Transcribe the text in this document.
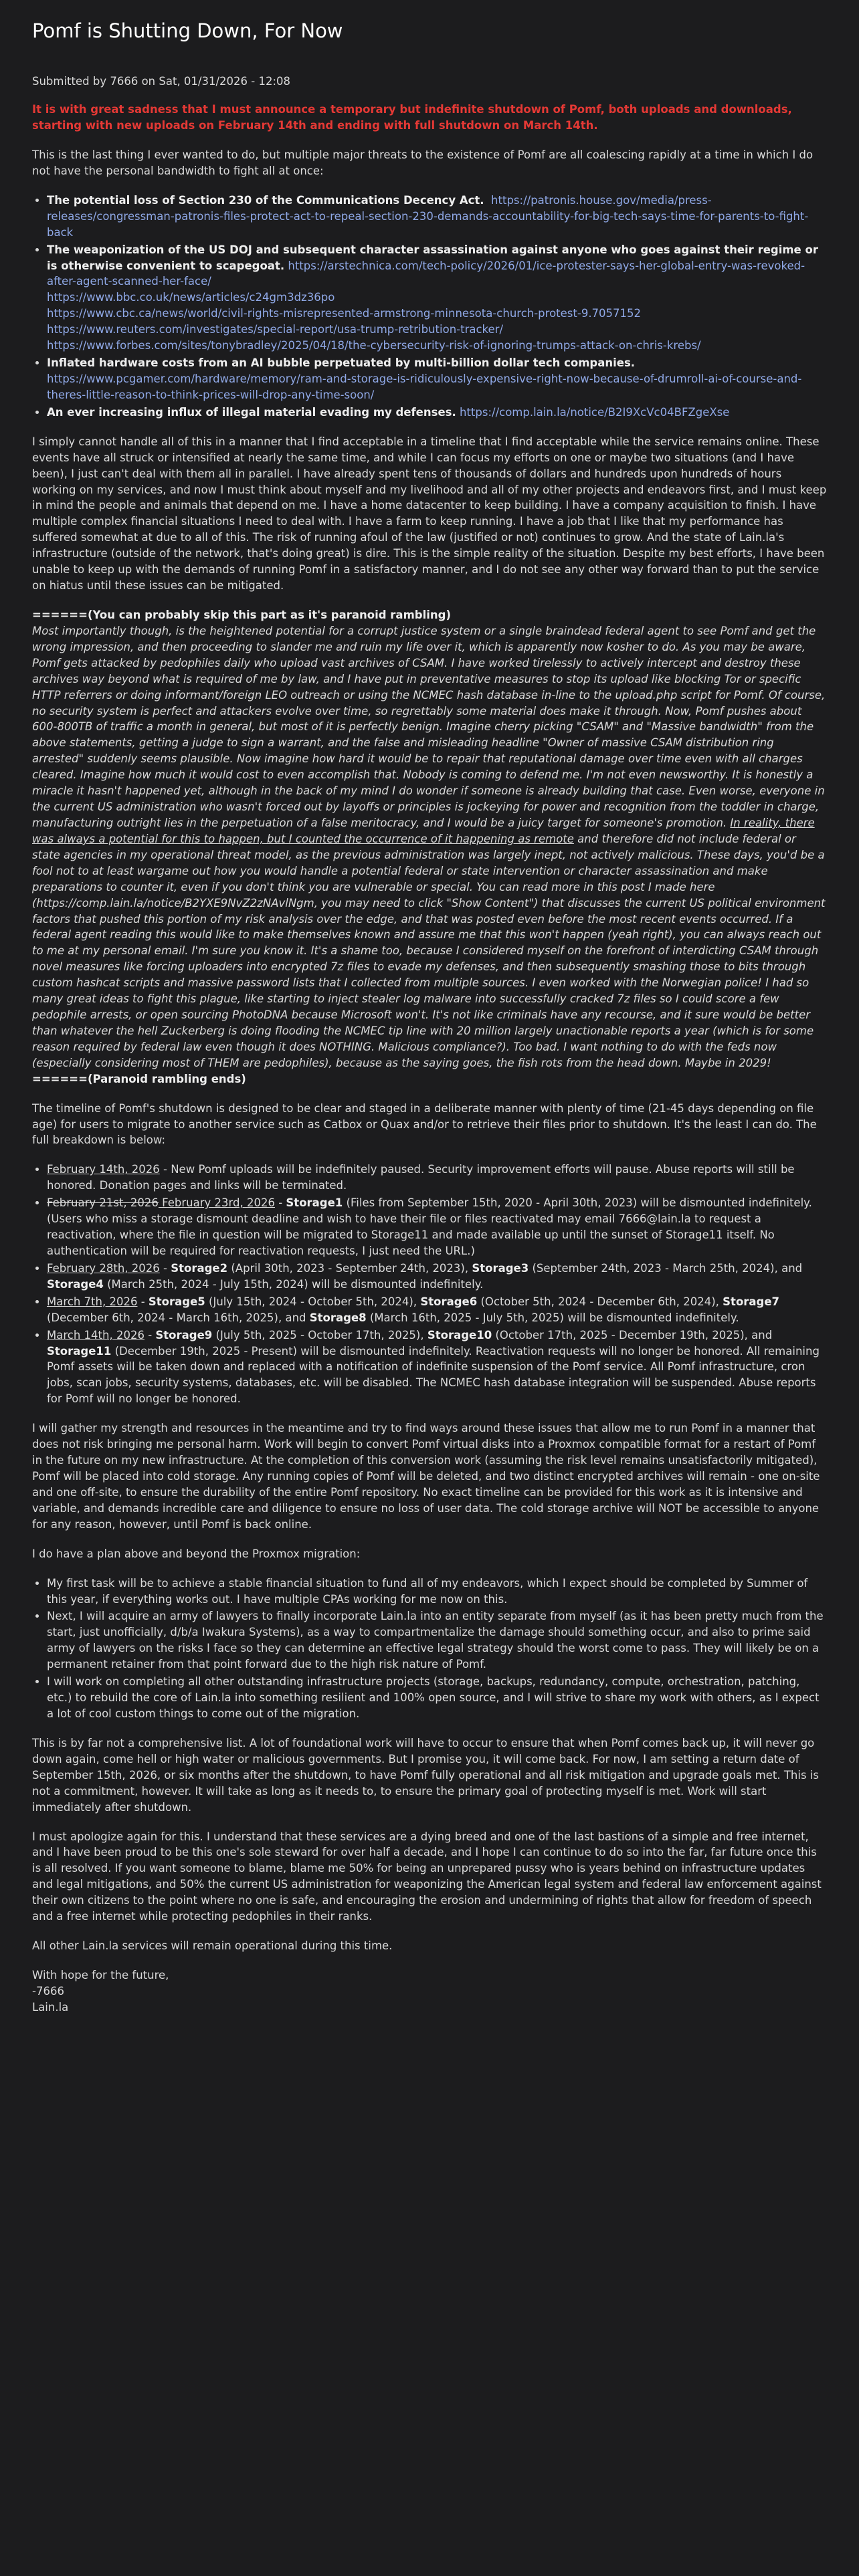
Pomf is Shutting Down, For Now

Submitted by 7666 on Sat, 01/31/2026 - 12:08

It is with great sadness that I must announce a temporary but indefinite shutdown of Pomf, both uploads and downloads, starting with new uploads on February 14th and ending with full shutdown on March 14th.

This is the last thing I ever wanted to do, but multiple major threats to the existence of Pomf are all coalescing rapidly at a time in which I do not have the personal bandwidth to fight all at once:

• The potential loss of Section 230 of the Communications Decency Act. https://patronis.house.gov/media/press-releases/congressman-patronis-files-protect-act-to-repeal-section-230-demands-accountability-for-big-tech-says-time-for-parents-to-fight-back
• The weaponization of the US DOJ and subsequent character assassination against anyone who goes against their regime or is otherwise convenient to scapegoat. https://arstechnica.com/tech-policy/2026/01/ice-protester-says-her-global-entry-was-revoked-after-agent-scanned-her-face/
https://www.bbc.co.uk/news/articles/c24gm3dz36po
https://www.cbc.ca/news/world/civil-rights-misrepresented-armstrong-minnesota-church-protest-9.7057152
https://www.reuters.com/investigates/special-report/usa-trump-retribution-tracker/
https://www.forbes.com/sites/tonybradley/2025/04/18/the-cybersecurity-risk-of-ignoring-trumps-attack-on-chris-krebs/
• Inflated hardware costs from an AI bubble perpetuated by multi-billion dollar tech companies.
https://www.pcgamer.com/hardware/memory/ram-and-storage-is-ridiculously-expensive-right-now-because-of-drumroll-ai-of-course-and-theres-little-reason-to-think-prices-will-drop-any-time-soon/
• An ever increasing influx of illegal material evading my defenses. https://comp.lain.la/notice/B2I9XcVc04BFZgeXse

I simply cannot handle all of this in a manner that I find acceptable in a timeline that I find acceptable while the service remains online. These events have all struck or intensified at nearly the same time, and while I can focus my efforts on one or maybe two situations (and I have been), I just can't deal with them all in parallel. I have already spent tens of thousands of dollars and hundreds upon hundreds of hours working on my services, and now I must think about myself and my livelihood and all of my other projects and endeavors first, and I must keep in mind the people and animals that depend on me. I have a home datacenter to keep building. I have a company acquisition to finish. I have multiple complex financial situations I need to deal with. I have a farm to keep running. I have a job that I like that my performance has suffered somewhat at due to all of this. The risk of running afoul of the law (justified or not) continues to grow. And the state of Lain.la's infrastructure (outside of the network, that's doing great) is dire. This is the simple reality of the situation. Despite my best efforts, I have been unable to keep up with the demands of running Pomf in a satisfactory manner, and I do not see any other way forward than to put the service on hiatus until these issues can be mitigated.

======(You can probably skip this part as it's paranoid rambling)
Most importantly though, is the heightened potential for a corrupt justice system or a single braindead federal agent to see Pomf and get the wrong impression, and then proceeding to slander me and ruin my life over it, which is apparently now kosher to do. As you may be aware, Pomf gets attacked by pedophiles daily who upload vast archives of CSAM. I have worked tirelessly to actively intercept and destroy these archives way beyond what is required of me by law, and I have put in preventative measures to stop its upload like blocking Tor or specific HTTP referrers or doing informant/foreign LEO outreach or using the NCMEC hash database in-line to the upload.php script for Pomf. Of course, no security system is perfect and attackers evolve over time, so regrettably some material does make it through. Now, Pomf pushes about 600-800TB of traffic a month in general, but most of it is perfectly benign. Imagine cherry picking "CSAM" and "Massive bandwidth" from the above statements, getting a judge to sign a warrant, and the false and misleading headline "Owner of massive CSAM distribution ring arrested" suddenly seems plausible. Now imagine how hard it would be to repair that reputational damage over time even with all charges cleared. Imagine how much it would cost to even accomplish that. Nobody is coming to defend me. I'm not even newsworthy. It is honestly a miracle it hasn't happened yet, although in the back of my mind I do wonder if someone is already building that case. Even worse, everyone in the current US administration who wasn't forced out by layoffs or principles is jockeying for power and recognition from the toddler in charge, manufacturing outright lies in the perpetuation of a false meritocracy, and I would be a juicy target for someone's promotion. In reality, there was always a potential for this to happen, but I counted the occurrence of it happening as remote and therefore did not include federal or state agencies in my operational threat model, as the previous administration was largely inept, not actively malicious. These days, you'd be a fool not to at least wargame out how you would handle a potential federal or state intervention or character assassination and make preparations to counter it, even if you don't think you are vulnerable or special. You can read more in this post I made here (https://comp.lain.la/notice/B2YXE9NvZ2zNAvlNgm, you may need to click "Show Content") that discusses the current US political environment factors that pushed this portion of my risk analysis over the edge, and that was posted even before the most recent events occurred. If a federal agent reading this would like to make themselves known and assure me that this won't happen (yeah right), you can always reach out to me at my personal email. I'm sure you know it. It's a shame too, because I considered myself on the forefront of interdicting CSAM through novel measures like forcing uploaders into encrypted 7z files to evade my defenses, and then subsequently smashing those to bits through custom hashcat scripts and massive password lists that I collected from multiple sources. I even worked with the Norwegian police! I had so many great ideas to fight this plague, like starting to inject stealer log malware into successfully cracked 7z files so I could score a few pedophile arrests, or open sourcing PhotoDNA because Microsoft won't. It's not like criminals have any recourse, and it sure would be better than whatever the hell Zuckerberg is doing flooding the NCMEC tip line with 20 million largely unactionable reports a year (which is for some reason required by federal law even though it does NOTHING. Malicious compliance?). Too bad. I want nothing to do with the feds now (especially considering most of THEM are pedophiles), because as the saying goes, the fish rots from the head down. Maybe in 2029!
======(Paranoid rambling ends)

The timeline of Pomf's shutdown is designed to be clear and staged in a deliberate manner with plenty of time (21-45 days depending on file age) for users to migrate to another service such as Catbox or Quax and/or to retrieve their files prior to shutdown. It's the least I can do. The full breakdown is below:

• February 14th, 2026 - New Pomf uploads will be indefinitely paused. Security improvement efforts will pause. Abuse reports will still be honored. Donation pages and links will be terminated.
• February 21st, 2026 February 23rd, 2026 - Storage1 (Files from September 15th, 2020 - April 30th, 2023) will be dismounted indefinitely. (Users who miss a storage dismount deadline and wish to have their file or files reactivated may email 7666@lain.la to request a reactivation, where the file in question will be migrated to Storage11 and made available up until the sunset of Storage11 itself. No authentication will be required for reactivation requests, I just need the URL.)
• February 28th, 2026 - Storage2 (April 30th, 2023 - September 24th, 2023), Storage3 (September 24th, 2023 - March 25th, 2024), and Storage4 (March 25th, 2024 - July 15th, 2024) will be dismounted indefinitely.
• March 7th, 2026 - Storage5 (July 15th, 2024 - October 5th, 2024), Storage6 (October 5th, 2024 - December 6th, 2024), Storage7 (December 6th, 2024 - March 16th, 2025), and Storage8 (March 16th, 2025 - July 5th, 2025) will be dismounted indefinitely.
• March 14th, 2026 - Storage9 (July 5th, 2025 - October 17th, 2025), Storage10 (October 17th, 2025 - December 19th, 2025), and Storage11 (December 19th, 2025 - Present) will be dismounted indefinitely. Reactivation requests will no longer be honored. All remaining Pomf assets will be taken down and replaced with a notification of indefinite suspension of the Pomf service. All Pomf infrastructure, cron jobs, scan jobs, security systems, databases, etc. will be disabled. The NCMEC hash database integration will be suspended. Abuse reports for Pomf will no longer be honored.

I will gather my strength and resources in the meantime and try to find ways around these issues that allow me to run Pomf in a manner that does not risk bringing me personal harm. Work will begin to convert Pomf virtual disks into a Proxmox compatible format for a restart of Pomf in the future on my new infrastructure. At the completion of this conversion work (assuming the risk level remains unsatisfactorily mitigated), Pomf will be placed into cold storage. Any running copies of Pomf will be deleted, and two distinct encrypted archives will remain - one on-site and one off-site, to ensure the durability of the entire Pomf repository. No exact timeline can be provided for this work as it is intensive and variable, and demands incredible care and diligence to ensure no loss of user data. The cold storage archive will NOT be accessible to anyone for any reason, however, until Pomf is back online.

I do have a plan above and beyond the Proxmox migration:

• My first task will be to achieve a stable financial situation to fund all of my endeavors, which I expect should be completed by Summer of this year, if everything works out. I have multiple CPAs working for me now on this.
• Next, I will acquire an army of lawyers to finally incorporate Lain.la into an entity separate from myself (as it has been pretty much from the start, just unofficially, d/b/a Iwakura Systems), as a way to compartmentalize the damage should something occur, and also to prime said army of lawyers on the risks I face so they can determine an effective legal strategy should the worst come to pass. They will likely be on a permanent retainer from that point forward due to the high risk nature of Pomf.
• I will work on completing all other outstanding infrastructure projects (storage, backups, redundancy, compute, orchestration, patching, etc.) to rebuild the core of Lain.la into something resilient and 100% open source, and I will strive to share my work with others, as I expect a lot of cool custom things to come out of the migration.

This is by far not a comprehensive list. A lot of foundational work will have to occur to ensure that when Pomf comes back up, it will never go down again, come hell or high water or malicious governments. But I promise you, it will come back. For now, I am setting a return date of September 15th, 2026, or six months after the shutdown, to have Pomf fully operational and all risk mitigation and upgrade goals met. This is not a commitment, however. It will take as long as it needs to, to ensure the primary goal of protecting myself is met. Work will start immediately after shutdown.

I must apologize again for this. I understand that these services are a dying breed and one of the last bastions of a simple and free internet, and I have been proud to be this one's sole steward for over half a decade, and I hope I can continue to do so into the far, far future once this is all resolved. If you want someone to blame, blame me 50% for being an unprepared pussy who is years behind on infrastructure updates and legal mitigations, and 50% the current US administration for weaponizing the American legal system and federal law enforcement against their own citizens to the point where no one is safe, and encouraging the erosion and undermining of rights that allow for freedom of speech and a free internet while protecting pedophiles in their ranks.

All other Lain.la services will remain operational during this time.

With hope for the future,
-7666
Lain.la
